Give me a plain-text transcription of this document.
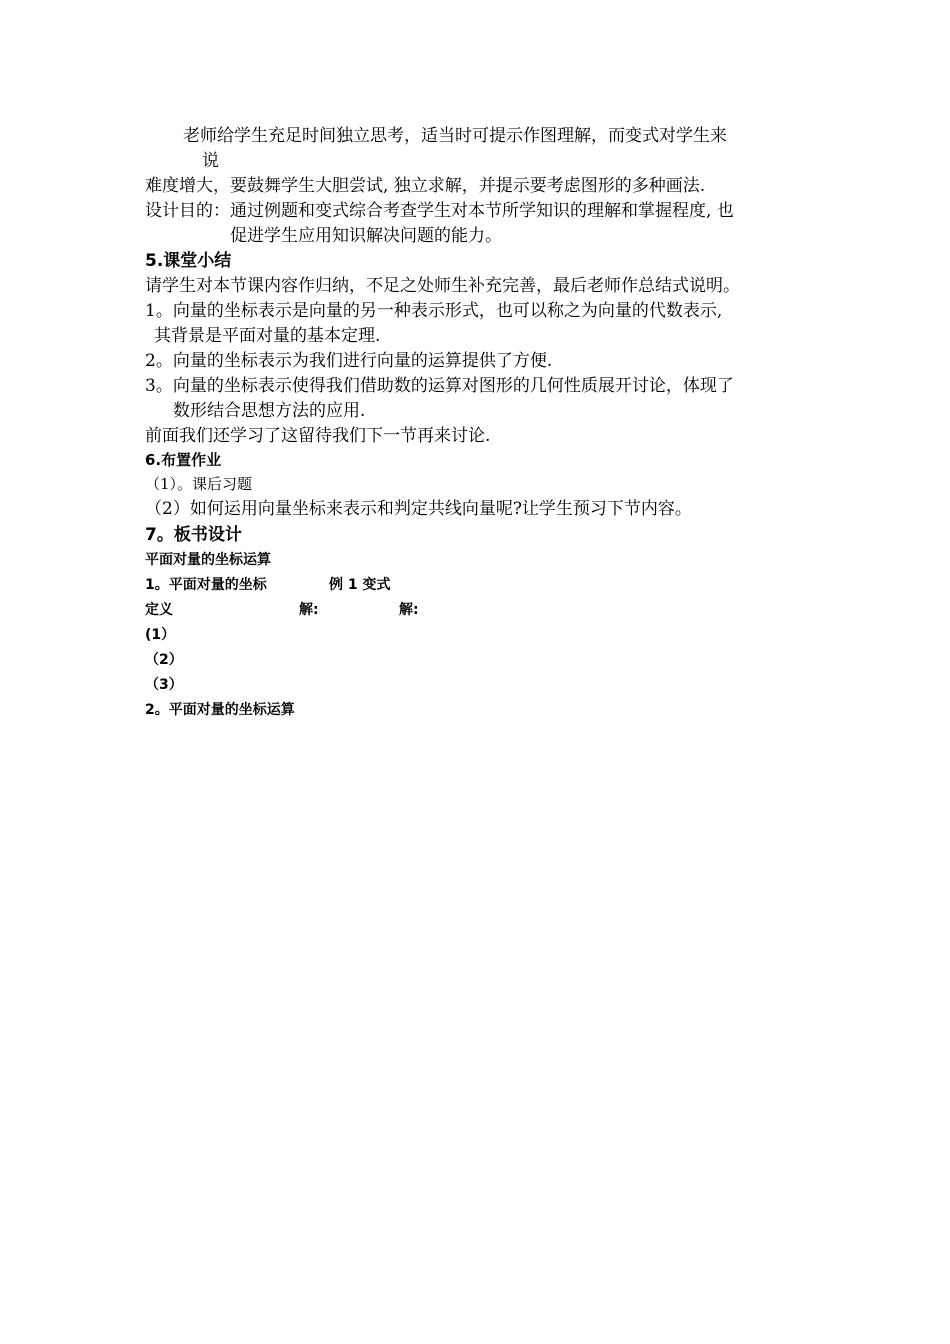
老师给学生充足时间独立思考，适当时可提示作图理解，而变式对学生来
说
难度增大，要鼓舞学生大胆尝试, 独立求解，并提示要考虑图形的多种画法.
设计目的：通过例题和变式综合考查学生对本节所学知识的理解和掌握程度, 也
促进学生应用知识解决问题的能力。
5.课堂小结
请学生对本节课内容作归纳，不足之处师生补充完善，最后老师作总结式说明。
1。向量的坐标表示是向量的另一种表示形式，也可以称之为向量的代数表示,
其背景是平面对量的基本定理.
2。向量的坐标表示为我们进行向量的运算提供了方便.
3。向量的坐标表示使得我们借助数的运算对图形的几何性质展开讨论，体现了
数形结合思想方法的应用.
前面我们还学习了这留待我们下一节再来讨论.
6.布置作业
（1）。课后习题
（2）如何运用向量坐标来表示和判定共线向量呢?让学生预习下节内容。
7。板书设计
平面对量的坐标运算
1。平面对量的坐标	例 1 变式
定义	解:	解:
(1）
（2）
（3）
2。平面对量的坐标运算
